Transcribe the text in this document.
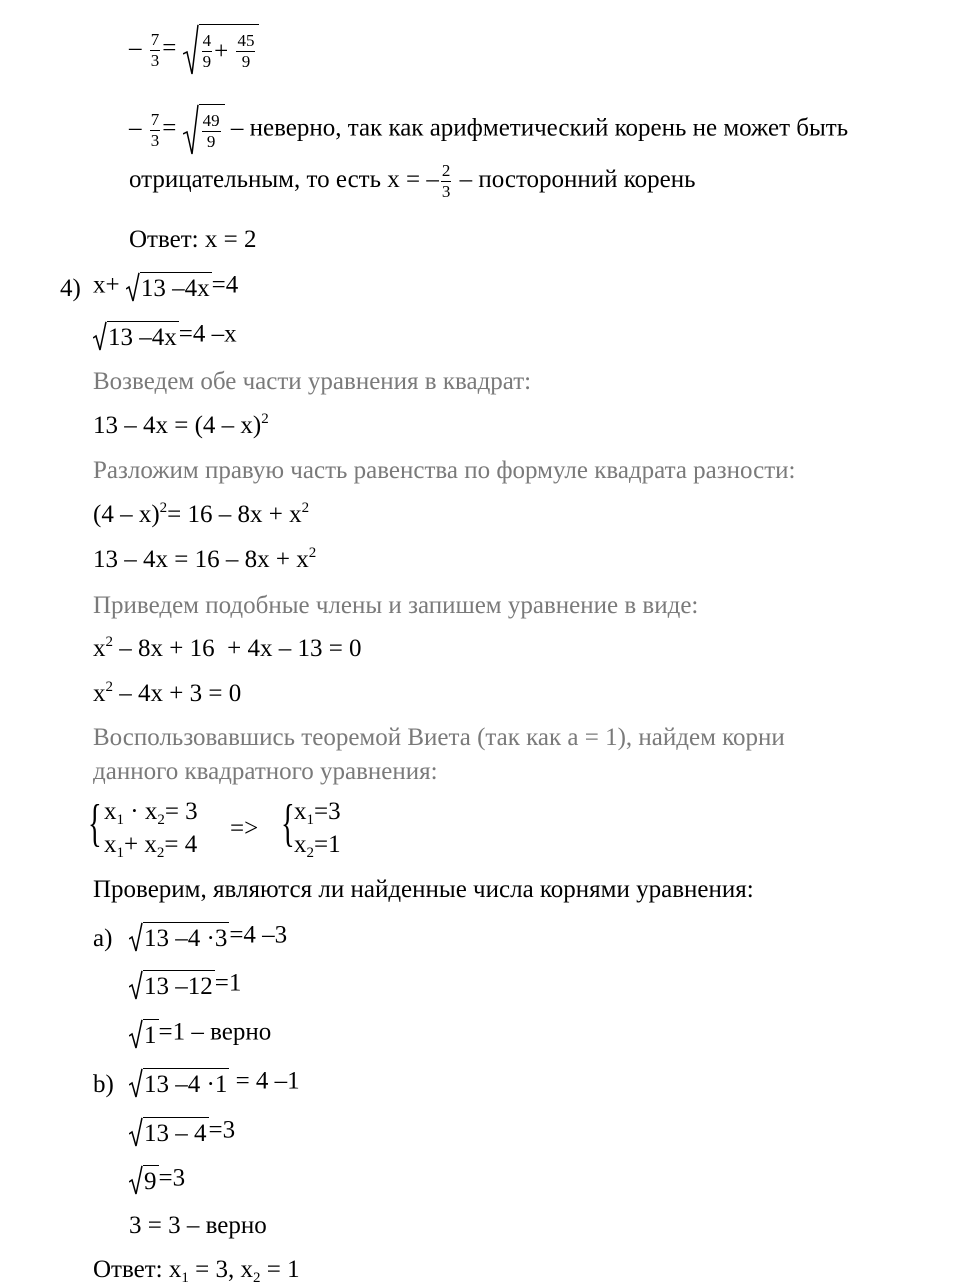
– $\frac{7}{3} = \frac{4}{9}$ +
$\frac{45}{9}$
– $\frac{7}{3} = \frac{49}{9}$ – неверно, так как арифметический корень не может быть
отрицательным, то есть x = – $\frac{2}{3}$ – посторонний корень
Ответ: x = 2
4) x+ 13 –4x =4
13 –4x =4 –x
Возведем обе части уравнения в квадрат:
13 – 4x = (4 – x)$^2$
Разложим правую часть равенства по формуле квадрата разности:
$(4 - x)^2= 16 - 8x + x^2$
$13 - 4x = 16 - 8x + x^2$
Приведем подобные члены и запишем уравнение в виде:
$x^2 - 8x + 16 + 4x - 13 = 0$
$x^2 - 4x + 3 = 0$
Воспользовавшись теоремой Виета (так как a = 1), найдем корни
данного квадратного уравнения:
{ $x_1 \cdot x_2= 3$
$x_1+ x_2= 4$
=> { $x_1=3$
$x_2=1$
Проверим, являются ли найденные числа корнями уравнения:
a) 13 –4 ·3 =4 –3
13 –12 =1
1 =1 – верно
b) 13 –4 ·1 = 4 –1
13 – 4 =3
9 =3
3 = 3 – верно
Ответ: $x_1 = 3$, $x_2 = 1$
